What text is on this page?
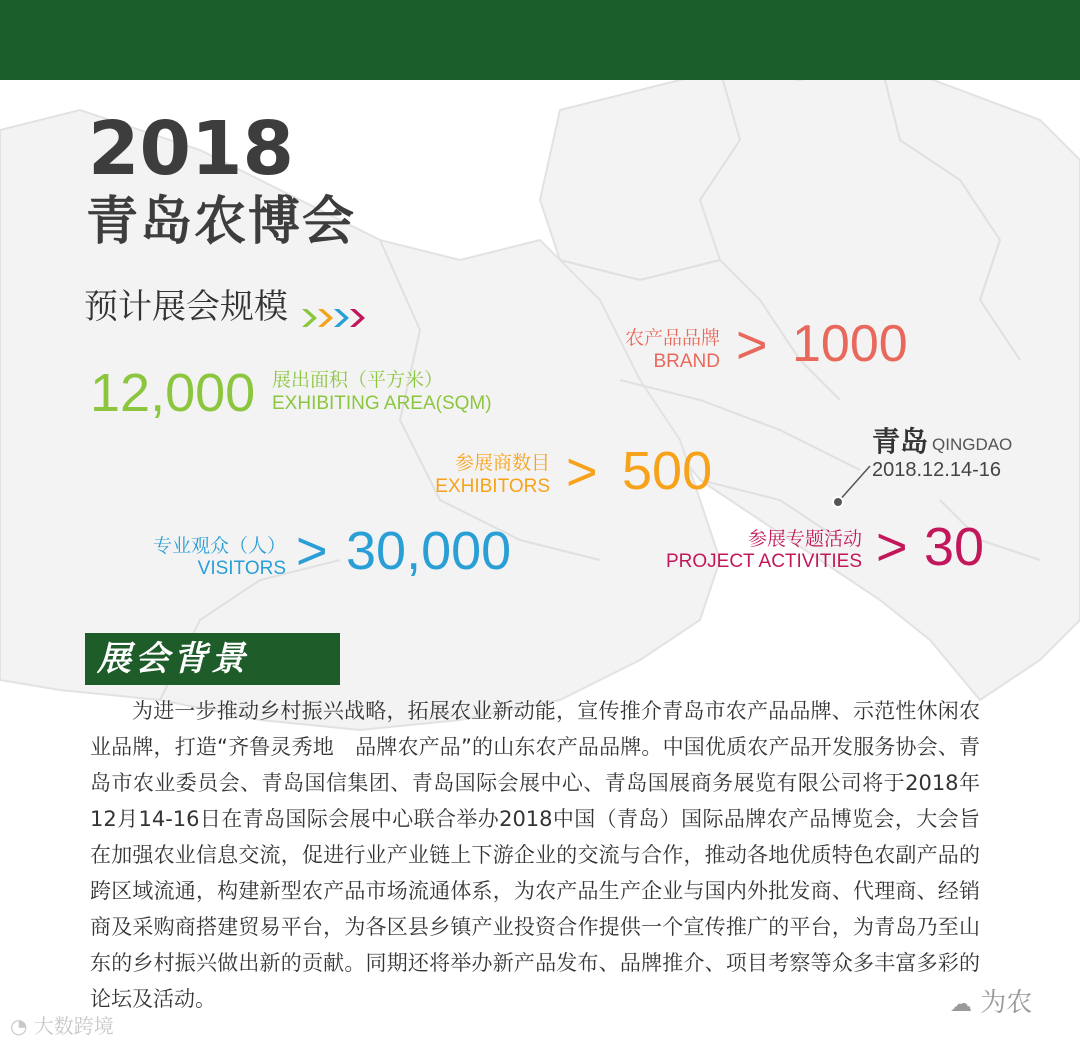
2018
青岛农博会
预计展会规模
12,000 展出面积（平方米）
EXHIBITING AREA(SQM)
农产品品牌
BRAND > 1000
参展商数目
EXHIBITORS > 500	青岛 QINGDAO
2018.12.14-16
专业观众（人）
VISITORS > 30,000	参展专题活动
PROJECT ACTIVITIES > 30
展会背景

为进一步推动乡村振兴战略，拓展农业新动能，宣传推介青岛市农产品品牌、示范性休闲农业品牌，打造“齐鲁灵秀地　品牌农产品”的山东农产品品牌。中国优质农产品开发服务协会、青岛市农业委员会、青岛国信集团、青岛国际会展中心、青岛国展商务展览有限公司将于2018年12月14-16日在青岛国际会展中心联合举办2018中国（青岛）国际品牌农产品博览会，大会旨在加强农业信息交流，促进行业产业链上下游企业的交流与合作，推动各地优质特色农副产品的跨区域流通，构建新型农产品市场流通体系，为农产品生产企业与国内外批发商、代理商、经销商及采购商搭建贸易平台，为各区县乡镇产业投资合作提供一个宣传推广的平台，为青岛乃至山东的乡村振兴做出新的贡献。同期还将举办新产品发布、品牌推介、项目考察等众多丰富多彩的论坛及活动。

◔ 大数跨境
☁ 为农
